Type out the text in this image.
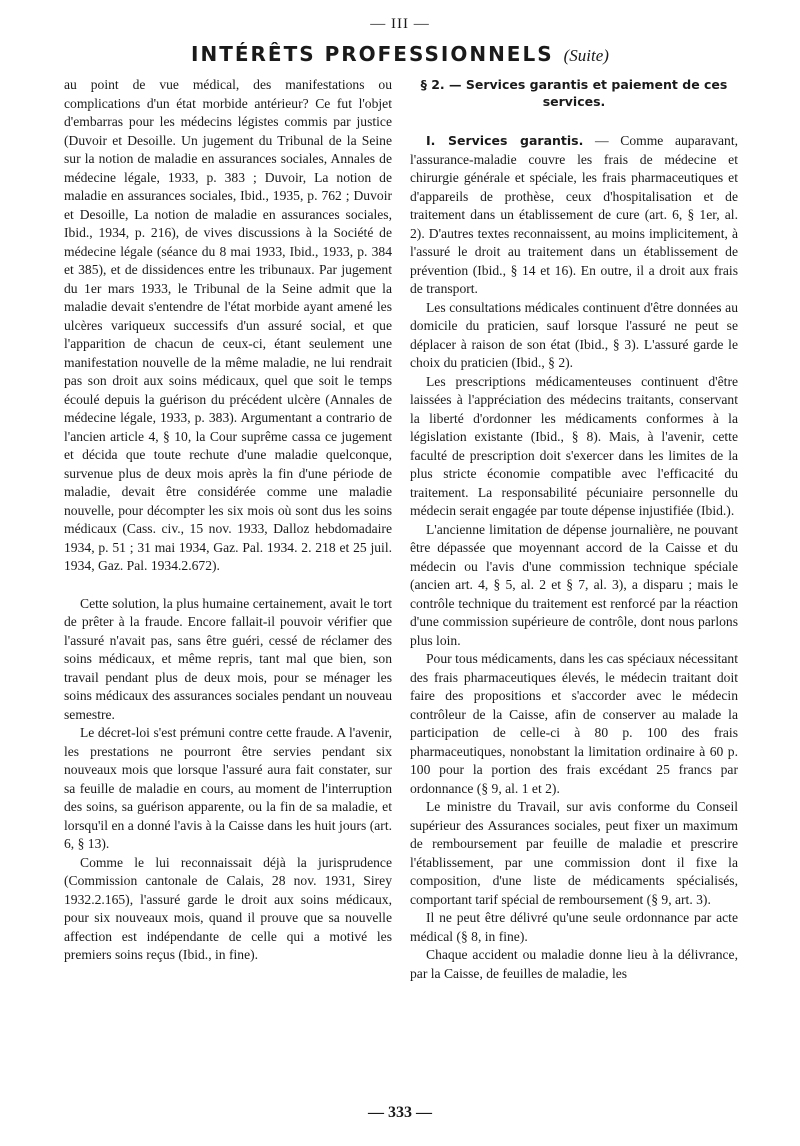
— III —
INTÉRÊTS PROFESSIONNELS (Suite)

au point de vue médical, des manifestations ou complications d'un état morbide antérieur? Ce fut l'objet d'embarras pour les médecins légistes commis par justice (Duvoir et Desoille. Un jugement du Tribunal de la Seine sur la notion de maladie en assurances sociales, Annales de médecine légale, 1933, p. 383 ; Duvoir, La notion de maladie en assurances sociales, Ibid., 1935, p. 762 ; Duvoir et Desoille, La notion de maladie en assurances sociales, Ibid., 1934, p. 216), de vives discussions à la Société de médecine légale (séance du 8 mai 1933, Ibid., 1933, p. 384 et 385), et de dissidences entre les tribunaux. Par jugement du 1er mars 1933, le Tribunal de la Seine admit que la maladie devait s'entendre de l'état morbide ayant amené les ulcères variqueux successifs d'un assuré social, et que l'apparition de chacun de ceux-ci, étant seulement une manifestation nouvelle de la même maladie, ne lui rendrait pas son droit aux soins médicaux, quel que soit le temps écoulé depuis la guérison du précédent ulcère (Annales de médecine légale, 1933, p. 383). Argumentant a contrario de l'ancien article 4, § 10, la Cour suprême cassa ce jugement et décida que toute rechute d'une maladie quelconque, survenue plus de deux mois après la fin d'une période de maladie, devait être considérée comme une maladie nouvelle, pour décompter les six mois où sont dus les soins médicaux (Cass. civ., 15 nov. 1933, Dalloz hebdomadaire 1934, p. 51 ; 31 mai 1934, Gaz. Pal. 1934. 2. 218 et 25 juil. 1934, Gaz. Pal. 1934.2.672).

Cette solution, la plus humaine certainement, avait le tort de prêter à la fraude. Encore fallait-il pouvoir vérifier que l'assuré n'avait pas, sans être guéri, cessé de réclamer des soins médicaux, et même repris, tant mal que bien, son travail pendant plus de deux mois, pour se ménager les soins médicaux des assurances sociales pendant un nouveau semestre.

Le décret-loi s'est prémuni contre cette fraude. A l'avenir, les prestations ne pourront être servies pendant six nouveaux mois que lorsque l'assuré aura fait constater, sur sa feuille de maladie en cours, au moment de l'interruption des soins, sa guérison apparente, ou la fin de sa maladie, et lorsqu'il en a donné l'avis à la Caisse dans les huit jours (art. 6, § 13).

Comme le lui reconnaissait déjà la jurisprudence (Commission cantonale de Calais, 28 nov. 1931, Sirey 1932.2.165), l'assuré garde le droit aux soins médicaux, pour six nouveaux mois, quand il prouve que sa nouvelle affection est indépendante de celle qui a motivé les premiers soins reçus (Ibid., in fine).

§ 2. — Services garantis et paiement de ces services.

I. Services garantis. — Comme auparavant, l'assurance-maladie couvre les frais de médecine et chirurgie générale et spéciale, les frais pharmaceutiques et d'appareils de prothèse, ceux d'hospitalisation et de traitement dans un établissement de cure (art. 6, § 1er, al. 2). D'autres textes reconnaissent, au moins implicitement, à l'assuré le droit au traitement dans un établissement de prévention (Ibid., § 14 et 16). En outre, il a droit aux frais de transport.

Les consultations médicales continuent d'être données au domicile du praticien, sauf lorsque l'assuré ne peut se déplacer à raison de son état (Ibid., § 3). L'assuré garde le choix du praticien (Ibid., § 2).

Les prescriptions médicamenteuses continuent d'être laissées à l'appréciation des médecins traitants, conservant la liberté d'ordonner les médicaments conformes à la législation existante (Ibid., § 8). Mais, à l'avenir, cette faculté de prescription doit s'exercer dans les limites de la plus stricte économie compatible avec l'efficacité du traitement. La responsabilité pécuniaire personnelle du médecin serait engagée par toute dépense injustifiée (Ibid.).

L'ancienne limitation de dépense journalière, ne pouvant être dépassée que moyennant accord de la Caisse et du médecin ou l'avis d'une commission technique spéciale (ancien art. 4, § 5, al. 2 et § 7, al. 3), a disparu ; mais le contrôle technique du traitement est renforcé par la réaction d'une commission supérieure de contrôle, dont nous parlons plus loin.

Pour tous médicaments, dans les cas spéciaux nécessitant des frais pharmaceutiques élevés, le médecin traitant doit faire des propositions et s'accorder avec le médecin contrôleur de la Caisse, afin de conserver au malade la participation de celle-ci à 80 p. 100 des frais pharmaceutiques, nonobstant la limitation ordinaire à 60 p. 100 pour la portion des frais excédant 25 francs par ordonnance (§ 9, al. 1 et 2).

Le ministre du Travail, sur avis conforme du Conseil supérieur des Assurances sociales, peut fixer un maximum de remboursement par feuille de maladie et prescrire l'établissement, par une commission dont il fixe la composition, d'une liste de médicaments spécialisés, comportant tarif spécial de remboursement (§ 9, art. 3).

Il ne peut être délivré qu'une seule ordonnance par acte médical (§ 8, in fine).

Chaque accident ou maladie donne lieu à la délivrance, par la Caisse, de feuilles de maladie, les

— 333 —
